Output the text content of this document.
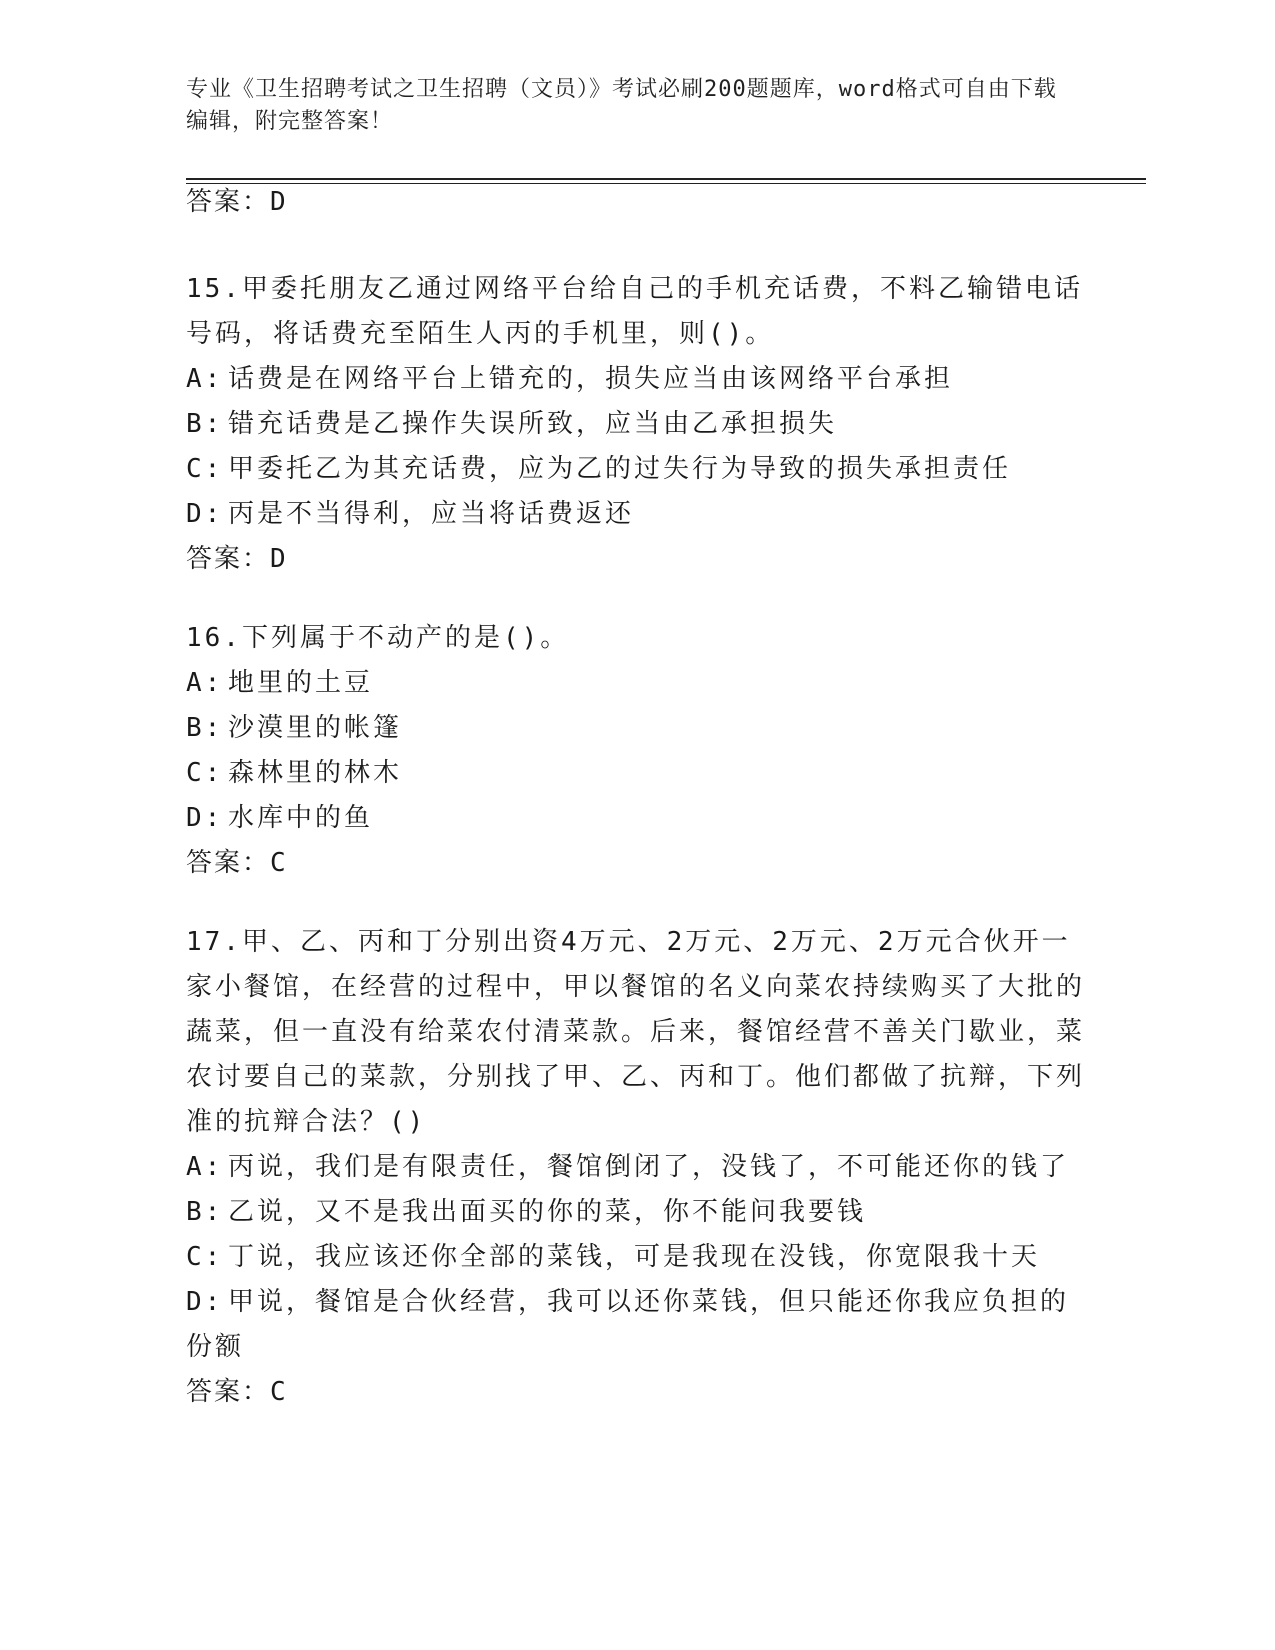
专业《卫生招聘考试之卫生招聘（文员）》考试必刷200题题库，word格式可自由下载编辑，附完整答案！
答案：D
15.甲委托朋友乙通过网络平台给自己的手机充话费，不料乙输错电话号码，将话费充至陌生人丙的手机里，则()。
A: 话费是在网络平台上错充的，损失应当由该网络平台承担
B: 错充话费是乙操作失误所致，应当由乙承担损失
C: 甲委托乙为其充话费，应为乙的过失行为导致的损失承担责任
D: 丙是不当得利，应当将话费返还
答案：D
16.下列属于不动产的是()。
A: 地里的土豆
B: 沙漠里的帐篷
C: 森林里的林木
D: 水库中的鱼
答案：C
17.甲、乙、丙和丁分别出资4万元、2万元、2万元、2万元合伙开一家小餐馆，在经营的过程中，甲以餐馆的名义向菜农持续购买了大批的蔬菜，但一直没有给菜农付清菜款。后来，餐馆经营不善关门歇业，菜农讨要自己的菜款，分别找了甲、乙、丙和丁。他们都做了抗辩，下列准的抗辩合法？()
A: 丙说，我们是有限责任，餐馆倒闭了，没钱了，不可能还你的钱了
B: 乙说，又不是我出面买的你的菜，你不能问我要钱
C: 丁说，我应该还你全部的菜钱，可是我现在没钱，你宽限我十天
D: 甲说，餐馆是合伙经营，我可以还你菜钱，但只能还你我应负担的份额
答案：C
